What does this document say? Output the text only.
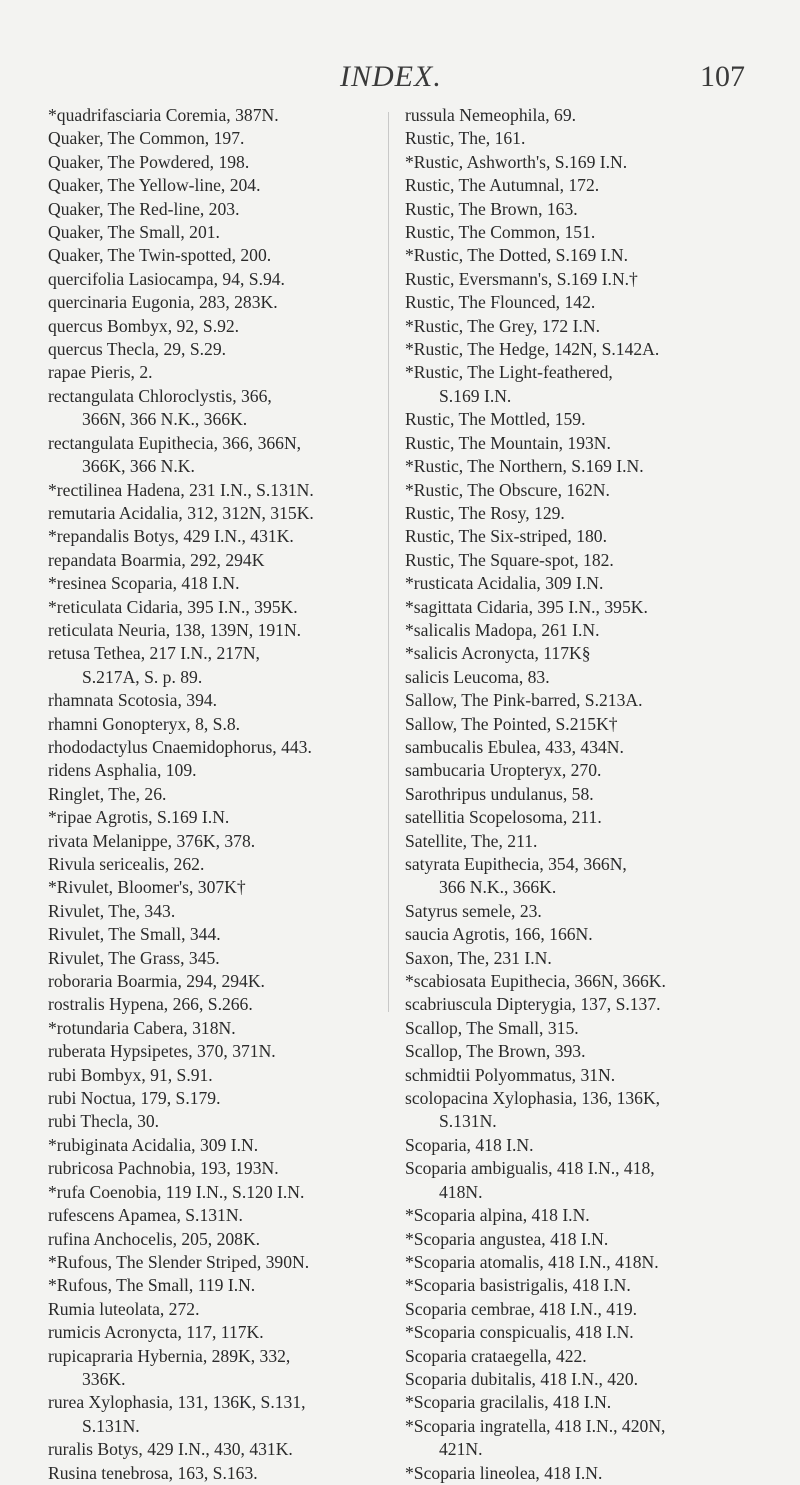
INDEX.	107
*quadrifasciaria Coremia, 387N.
Quaker, The Common, 197.
Quaker, The Powdered, 198.
Quaker, The Yellow-line, 204.
Quaker, The Red-line, 203.
Quaker, The Small, 201.
Quaker, The Twin-spotted, 200.
quercifolia Lasiocampa, 94, S.94.
quercinaria Eugonia, 283, 283K.
quercus Bombyx, 92, S.92.
quercus Thecla, 29, S.29.
rapae Pieris, 2.
rectangulata Chloroclystis, 366,
366N, 366 N.K., 366K.
rectangulata Eupithecia, 366, 366N,
366K, 366 N.K.
*rectilinea Hadena, 231 I.N., S.131N.
remutaria Acidalia, 312, 312N, 315K.
*repandalis Botys, 429 I.N., 431K.
repandata Boarmia, 292, 294K
*resinea Scoparia, 418 I.N.
*reticulata Cidaria, 395 I.N., 395K.
reticulata Neuria, 138, 139N, 191N.
retusa Tethea, 217 I.N., 217N,
S.217A, S. p. 89.
rhamnata Scotosia, 394.
rhamni Gonopteryx, 8, S.8.
rhododactylus Cnaemidophorus, 443.
ridens Asphalia, 109.
Ringlet, The, 26.
*ripae Agrotis, S.169 I.N.
rivata Melanippe, 376K, 378.
Rivula sericealis, 262.
*Rivulet, Bloomer's, 307K†
Rivulet, The, 343.
Rivulet, The Small, 344.
Rivulet, The Grass, 345.
roboraria Boarmia, 294, 294K.
rostralis Hypena, 266, S.266.
*rotundaria Cabera, 318N.
ruberata Hypsipetes, 370, 371N.
rubi Bombyx, 91, S.91.
rubi Noctua, 179, S.179.
rubi Thecla, 30.
*rubiginata Acidalia, 309 I.N.
rubricosa Pachnobia, 193, 193N.
*rufa Coenobia, 119 I.N., S.120 I.N.
rufescens Apamea, S.131N.
rufina Anchocelis, 205, 208K.
*Rufous, The Slender Striped, 390N.
*Rufous, The Small, 119 I.N.
Rumia luteolata, 272.
rumicis Acronycta, 117, 117K.
rupicapraria Hybernia, 289K, 332,
336K.
rurea Xylophasia, 131, 136K, S.131,
S.131N.
ruralis Botys, 429 I.N., 430, 431K.
Rusina tenebrosa, 163, S.163.
russula Nemeophila, 69.
Rustic, The, 161.
*Rustic, Ashworth's, S.169 I.N.
Rustic, The Autumnal, 172.
Rustic, The Brown, 163.
Rustic, The Common, 151.
*Rustic, The Dotted, S.169 I.N.
Rustic, Eversmann's, S.169 I.N.†
Rustic, The Flounced, 142.
*Rustic, The Grey, 172 I.N.
*Rustic, The Hedge, 142N, S.142A.
*Rustic, The Light-feathered,
S.169 I.N.
Rustic, The Mottled, 159.
Rustic, The Mountain, 193N.
*Rustic, The Northern, S.169 I.N.
*Rustic, The Obscure, 162N.
Rustic, The Rosy, 129.
Rustic, The Six-striped, 180.
Rustic, The Square-spot, 182.
*rusticata Acidalia, 309 I.N.
*sagittata Cidaria, 395 I.N., 395K.
*salicalis Madopa, 261 I.N.
*salicis Acronycta, 117K§
salicis Leucoma, 83.
Sallow, The Pink-barred, S.213A.
Sallow, The Pointed, S.215K†
sambucalis Ebulea, 433, 434N.
sambucaria Uropteryx, 270.
Sarothripus undulanus, 58.
satellitia Scopelosoma, 211.
Satellite, The, 211.
satyrata Eupithecia, 354, 366N,
366 N.K., 366K.
Satyrus semele, 23.
saucia Agrotis, 166, 166N.
Saxon, The, 231 I.N.
*scabiosata Eupithecia, 366N, 366K.
scabriuscula Dipterygia, 137, S.137.
Scallop, The Small, 315.
Scallop, The Brown, 393.
schmidtii Polyommatus, 31N.
scolopacina Xylophasia, 136, 136K,
S.131N.
Scoparia, 418 I.N.
Scoparia ambigualis, 418 I.N., 418,
418N.
*Scoparia alpina, 418 I.N.
*Scoparia angustea, 418 I.N.
*Scoparia atomalis, 418 I.N., 418N.
*Scoparia basistrigalis, 418 I.N.
Scoparia cembrae, 418 I.N., 419.
*Scoparia conspicualis, 418 I.N.
Scoparia crataegella, 422.
Scoparia dubitalis, 418 I.N., 420.
*Scoparia gracilalis, 418 I.N.
*Scoparia ingratella, 418 I.N., 420N,
421N.
*Scoparia lineolea, 418 I.N.
